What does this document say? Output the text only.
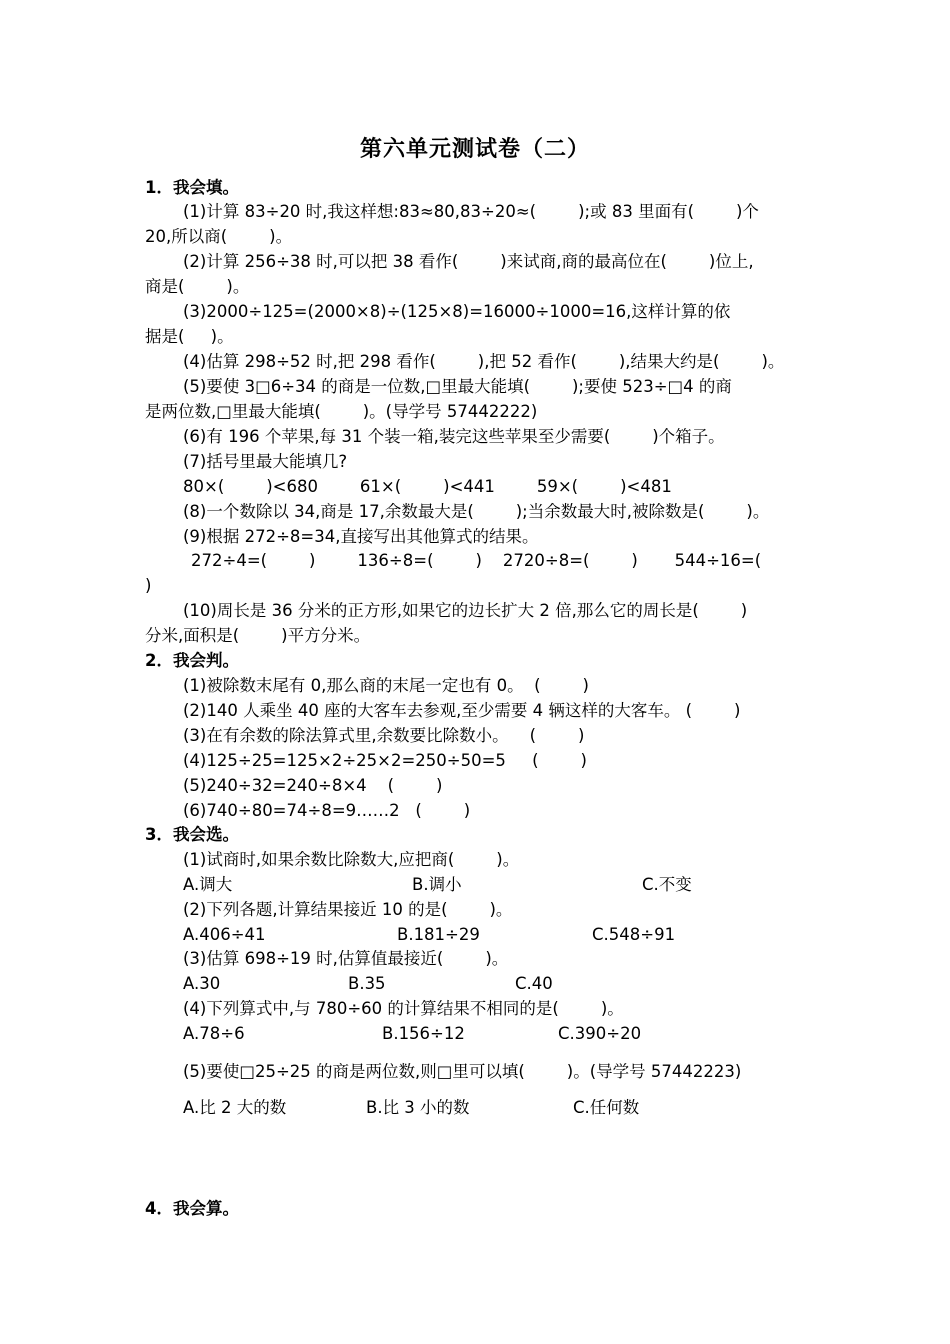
第六单元测试卷（二）
1．我会填。
(1)计算 83÷20 时,我这样想:83≈80,83÷20≈(        );或 83 里面有(        )个
20,所以商(        )。
(2)计算 256÷38 时,可以把 38 看作(        )来试商,商的最高位在(        )位上,
商是(        )。
(3)2000÷125=(2000×8)÷(125×8)=16000÷1000=16,这样计算的依
据是(     )。
(4)估算 298÷52 时,把 298 看作(        ),把 52 看作(        ),结果大约是(        )。
(5)要使 3□6÷34 的商是一位数,□里最大能填(        );要使 523÷□4 的商
是两位数,□里最大能填(        )。(导学号 57442222)
(6)有 196 个苹果,每 31 个装一箱,装完这些苹果至少需要(        )个箱子。
(7)括号里最大能填几?
80×(        )<680        61×(        )<441        59×(        )<481
(8)一个数除以 34,商是 17,余数最大是(        );当余数最大时,被除数是(        )。
(9)根据 272÷8=34,直接写出其他算式的结果。
272÷4=(        )        136÷8=(        )    2720÷8=(        )       544÷16=(
)
(10)周长是 36 分米的正方形,如果它的边长扩大 2 倍,那么它的周长是(        )
分米,面积是(        )平方分米。
2．我会判。
(1)被除数末尾有 0,那么商的末尾一定也有 0。  (        )
(2)140 人乘坐 40 座的大客车去参观,至少需要 4 辆这样的大客车。 (        )
(3)在有余数的除法算式里,余数要比除数小。    (        )
(4)125÷25=125×2÷25×2=250÷50=5     (        )
(5)240÷32=240÷8×4    (        )
(6)740÷80=74÷8=9……2   (        )
3．我会选。
(1)试商时,如果余数比除数大,应把商(        )。
A.调大	B.调小	C.不变
(2)下列各题,计算结果接近 10 的是(        )。
A.406÷41	B.181÷29	C.548÷91
(3)估算 698÷19 时,估算值最接近(        )。
A.30	B.35	C.40
(4)下列算式中,与 780÷60 的计算结果不相同的是(        )。
A.78÷6	B.156÷12	C.390÷20
(5)要使□25÷25 的商是两位数,则□里可以填(        )。(导学号 57442223)
A.比 2 大的数	B.比 3 小的数	C.任何数
4．我会算。
